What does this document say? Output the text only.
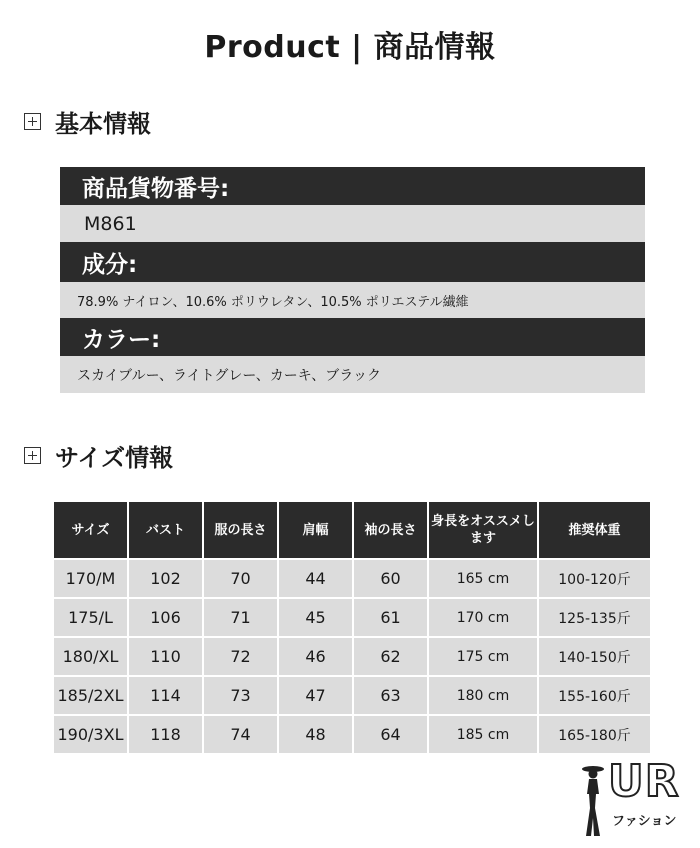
Product | 商品情報
基本情報
商品貨物番号:
M861
成分:
78.9% ナイロン、10.6% ポリウレタン、10.5% ポリエステル繊維
カラー:
スカイブルー、ライトグレー、カーキ、ブラック
サイズ情報
サイズ	バスト	服の長さ	肩幅	袖の長さ	身長をオススメします	推奨体重
170/M	102	70	44	60	165 cm	100-120斤
175/L	106	71	45	61	170 cm	125-135斤
180/XL	110	72	46	62	175 cm	140-150斤
185/2XL	114	73	47	63	180 cm	155-160斤
190/3XL	118	74	48	64	185 cm	165-180斤
UR
ファション
